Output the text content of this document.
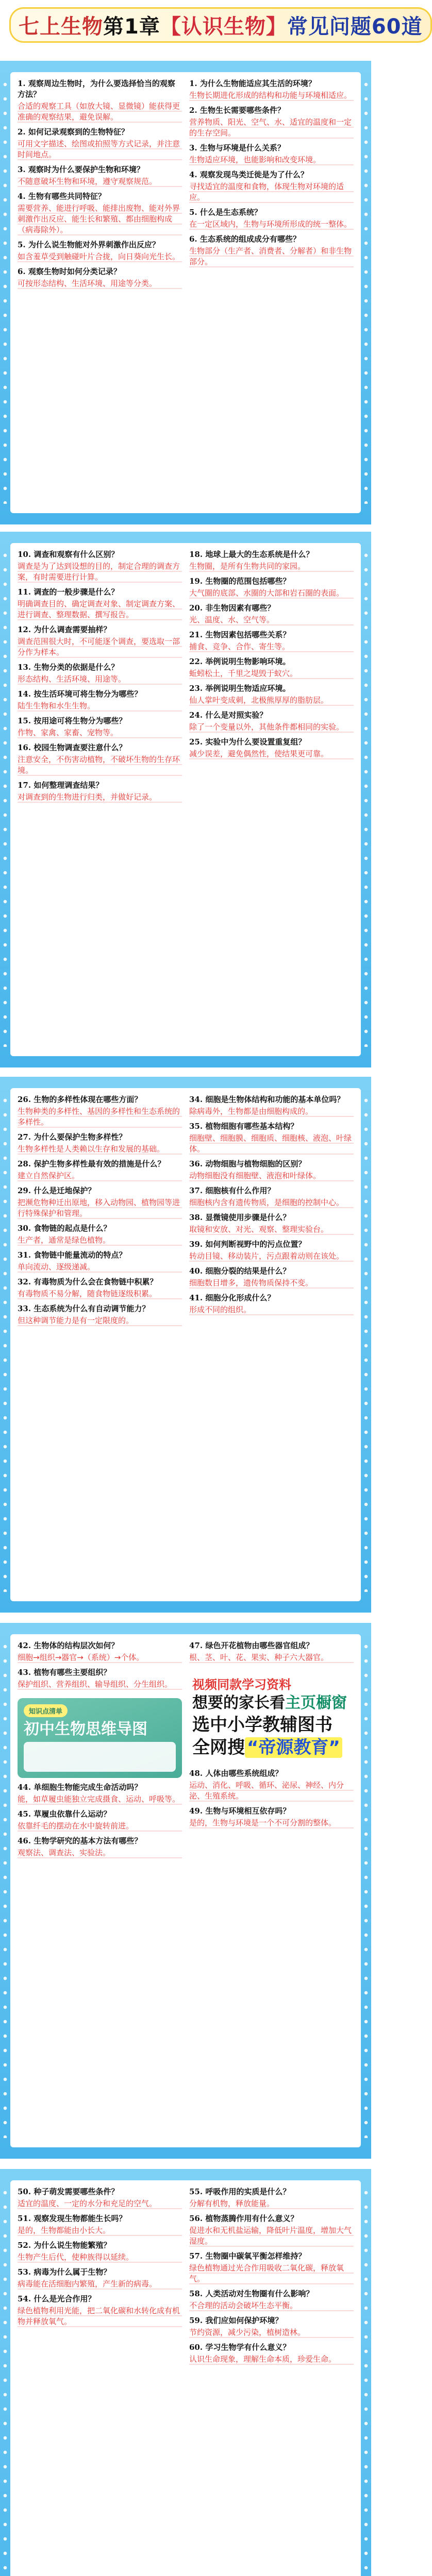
七上生物第1章【认识生物】常见问题60道
1. 观察周边生物时，为什么要选择恰当的观察方法？
合适的观察工具（如放大镜、显微镜）能获得更准确的观察结果，避免误解。
2. 如何记录观察到的生物特征？
可用文字描述、绘图或拍照等方式记录，并注意时间地点。
3. 观察时为什么要保护生物和环境？
不随意破坏生物和环境，遵守观察规范。
4. 生物有哪些共同特征？
需要营养、能进行呼吸、能排出废物、能对外界刺激作出反应、能生长和繁殖、都由细胞构成（病毒除外）。
5. 为什么说生物能对外界刺激作出反应？
如含羞草受到触碰叶片合拢，向日葵向光生长。
6. 观察生物时如何分类记录？
可按形态结构、生活环境、用途等分类。
1. 为什么生物能适应其生活的环境？
生物长期进化形成的结构和功能与环境相适应。
2. 生物生长需要哪些条件？
营养物质、阳光、空气、水、适宜的温度和一定的生存空间。
3. 生物与环境是什么关系？
生物适应环境，也能影响和改变环境。
4. 观察发现鸟类迁徙是为了什么？
寻找适宜的温度和食物，体现生物对环境的适应。
5. 什么是生态系统？
在一定区域内，生物与环境所形成的统一整体。
6. 生态系统的组成成分有哪些？
生物部分（生产者、消费者、分解者）和非生物部分。
10. 调查和观察有什么区别？
调查是为了达到设想的目的，制定合理的调查方案，有时需要进行计算。
11. 调查的一般步骤是什么？
明确调查目的、确定调查对象、制定调查方案、进行调查、整理数据、撰写报告。
12. 为什么调查需要抽样？
调查范围很大时，不可能逐个调查，要选取一部分作为样本。
13. 生物分类的依据是什么？
形态结构、生活环境、用途等。
14. 按生活环境可将生物分为哪些？
陆生生物和水生生物。
15. 按用途可将生物分为哪些？
作物、家禽、家畜、宠物等。
16. 校园生物调查要注意什么？
注意安全，不伤害动植物，不破坏生物的生存环境。
17. 如何整理调查结果？
对调查到的生物进行归类，并做好记录。
18. 地球上最大的生态系统是什么？
生物圈，是所有生物共同的家园。
19. 生物圈的范围包括哪些？
大气圈的底部、水圈的大部和岩石圈的表面。
20. 非生物因素有哪些？
光、温度、水、空气等。
21. 生物因素包括哪些关系？
捕食、竞争、合作、寄生等。
22. 举例说明生物影响环境。
蚯蚓松土，千里之堤毁于蚁穴。
23. 举例说明生物适应环境。
仙人掌叶变成刺，北极熊厚厚的脂肪层。
24. 什么是对照实验？
除了一个变量以外，其他条件都相同的实验。
25. 实验中为什么要设置重复组？
减少误差，避免偶然性，使结果更可靠。
26. 生物的多样性体现在哪些方面？
生物种类的多样性、基因的多样性和生态系统的多样性。
27. 为什么要保护生物多样性？
生物多样性是人类赖以生存和发展的基础。
28. 保护生物多样性最有效的措施是什么？
建立自然保护区。
29. 什么是迁地保护？
把濒危物种迁出原地，移入动物园、植物园等进行特殊保护和管理。
30. 食物链的起点是什么？
生产者，通常是绿色植物。
31. 食物链中能量流动的特点？
单向流动、逐级递减。
32. 有毒物质为什么会在食物链中积累？
有毒物质不易分解，随食物链逐级积累。
33. 生态系统为什么有自动调节能力？
但这种调节能力是有一定限度的。
34. 细胞是生物体结构和功能的基本单位吗？
除病毒外，生物都是由细胞构成的。
35. 植物细胞有哪些基本结构？
细胞壁、细胞膜、细胞质、细胞核、液泡、叶绿体。
36. 动物细胞与植物细胞的区别？
动物细胞没有细胞壁、液泡和叶绿体。
37. 细胞核有什么作用？
细胞核内含有遗传物质，是细胞的控制中心。
38. 显微镜使用步骤是什么？
取镜和安放、对光、观察、整理实验台。
39. 如何判断视野中的污点位置？
转动目镜、移动装片，污点跟着动则在该处。
40. 细胞分裂的结果是什么？
细胞数目增多，遗传物质保持不变。
41. 细胞分化形成什么？
形成不同的组织。
42. 生物体的结构层次如何？
细胞→组织→器官→（系统）→个体。
43. 植物有哪些主要组织？
保护组织、营养组织、输导组织、分生组织。
知识点清单
初中生物思维导图
44. 单细胞生物能完成生命活动吗？
能，如草履虫能独立完成摄食、运动、呼吸等。
45. 草履虫依靠什么运动？
依靠纤毛的摆动在水中旋转前进。
46. 生物学研究的基本方法有哪些？
观察法、调查法、实验法。
47. 绿色开花植物由哪些器官组成？
根、茎、叶、花、果实、种子六大器官。
视频同款学习资料
想要的家长看主页橱窗
选中小学教辅图书
全网搜 “帝源教育”
48. 人体由哪些系统组成？
运动、消化、呼吸、循环、泌尿、神经、内分泌、生殖系统。
49. 生物与环境相互依存吗？
是的，生物与环境是一个不可分割的整体。
50. 种子萌发需要哪些条件？
适宜的温度、一定的水分和充足的空气。
51. 观察发现生物都能生长吗？
是的，生物都能由小长大。
52. 为什么说生物能繁殖？
生物产生后代，使种族得以延续。
53. 病毒为什么属于生物？
病毒能在活细胞内繁殖，产生新的病毒。
54. 什么是光合作用？
绿色植物利用光能，把二氧化碳和水转化成有机物并释放氧气。
55. 呼吸作用的实质是什么？
分解有机物，释放能量。
56. 植物蒸腾作用有什么意义？
促进水和无机盐运输，降低叶片温度，增加大气湿度。
57. 生物圈中碳氧平衡怎样维持？
绿色植物通过光合作用吸收二氧化碳，释放氧气。
58. 人类活动对生物圈有什么影响？
不合理的活动会破坏生态平衡。
59. 我们应如何保护环境？
节约资源，减少污染，植树造林。
60. 学习生物学有什么意义？
认识生命现象，理解生命本质，珍爱生命。
